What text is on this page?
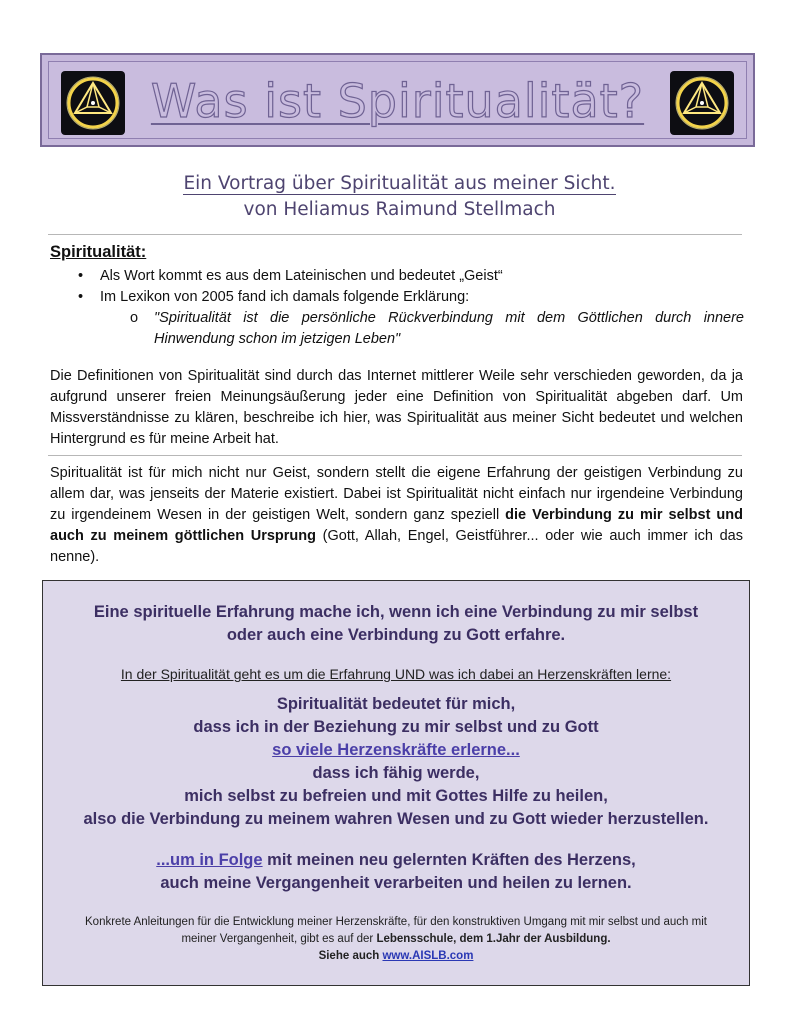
Was ist Spiritualität?
Ein Vortrag über Spiritualität aus meiner Sicht.
von Heliamus Raimund Stellmach
Spiritualität:
• Als Wort kommt es aus dem Lateinischen und bedeutet „Geist“
• Im Lexikon von 2005 fand ich damals folgende Erklärung:
o "Spiritualität ist die persönliche Rückverbindung mit dem Göttlichen durch innere Hinwendung schon im jetzigen Leben"
Die Definitionen von Spiritualität sind durch das Internet mittlerer Weile sehr verschieden geworden, da ja aufgrund unserer freien Meinungsäußerung jeder eine Definition von Spiritualität abgeben darf. Um Missverständnisse zu klären, beschreibe ich hier, was Spiritualität aus meiner Sicht bedeutet und welchen Hintergrund es für meine Arbeit hat.
Spiritualität ist für mich nicht nur Geist, sondern stellt die eigene Erfahrung der geistigen Verbindung zu allem dar, was jenseits der Materie existiert. Dabei ist Spiritualität nicht einfach nur irgendeine Verbindung zu irgendeinem Wesen in der geistigen Welt, sondern ganz speziell die Verbindung zu mir selbst und auch zu meinem göttlichen Ursprung (Gott, Allah, Engel, Geistführer... oder wie auch immer ich das nenne).
Eine spirituelle Erfahrung mache ich, wenn ich eine Verbindung zu mir selbst
oder auch eine Verbindung zu Gott erfahre.
In der Spiritualität geht es um die Erfahrung UND was ich dabei an Herzenskräften lerne:
Spiritualität bedeutet für mich,
dass ich in der Beziehung zu mir selbst und zu Gott
so viele Herzenskräfte erlerne...
dass ich fähig werde,
mich selbst zu befreien und mit Gottes Hilfe zu heilen,
also die Verbindung zu meinem wahren Wesen und zu Gott wieder herzustellen.
...um in Folge mit meinen neu gelernten Kräften des Herzens,
auch meine Vergangenheit verarbeiten und heilen zu lernen.
Konkrete Anleitungen für die Entwicklung meiner Herzenskräfte, für den konstruktiven Umgang mit mir selbst und auch mit
meiner Vergangenheit, gibt es auf der Lebensschule, dem 1.Jahr der Ausbildung.
Siehe auch www.AISLB.com
